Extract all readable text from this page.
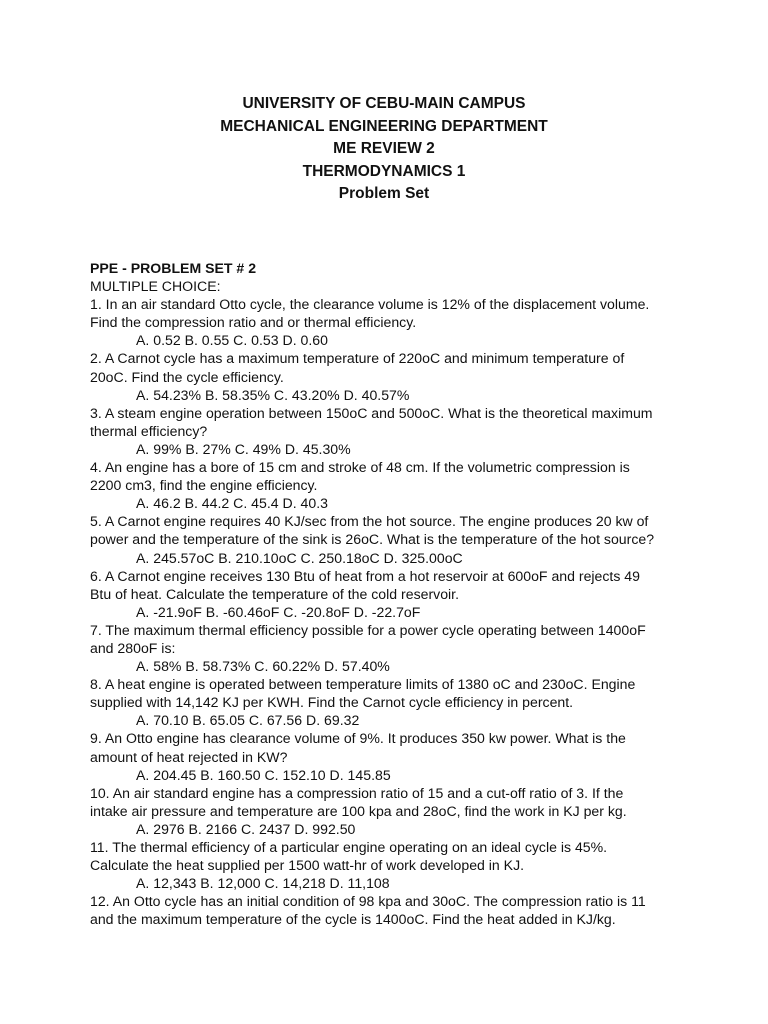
UNIVERSITY OF CEBU-MAIN CAMPUS
MECHANICAL ENGINEERING DEPARTMENT
ME REVIEW 2
THERMODYNAMICS 1
Problem Set
PPE - PROBLEM SET # 2
MULTIPLE CHOICE:
1. In an air standard Otto cycle, the clearance volume is 12% of the displacement volume.
Find the compression ratio and or thermal efficiency.
A. 0.52 B. 0.55 C. 0.53 D. 0.60
2. A Carnot cycle has a maximum temperature of 220oC and minimum temperature of
20oC. Find the cycle efficiency.
A. 54.23% B. 58.35% C. 43.20% D. 40.57%
3. A steam engine operation between 150oC and 500oC. What is the theoretical maximum
thermal efficiency?
A. 99% B. 27% C. 49% D. 45.30%
4. An engine has a bore of 15 cm and stroke of 48 cm. If the volumetric compression is
2200 cm3, find the engine efficiency.
A. 46.2 B. 44.2 C. 45.4 D. 40.3
5. A Carnot engine requires 40 KJ/sec from the hot source. The engine produces 20 kw of
power and the temperature of the sink is 26oC. What is the temperature of the hot source?
A. 245.57oC B. 210.10oC C. 250.18oC D. 325.00oC
6. A Carnot engine receives 130 Btu of heat from a hot reservoir at 600oF and rejects 49
Btu of heat. Calculate the temperature of the cold reservoir.
A. -21.9oF B. -60.46oF C. -20.8oF D. -22.7oF
7. The maximum thermal efficiency possible for a power cycle operating between 1400oF
and 280oF is:
A. 58% B. 58.73% C. 60.22% D. 57.40%
8. A heat engine is operated between temperature limits of 1380 oC and 230oC. Engine
supplied with 14,142 KJ per KWH. Find the Carnot cycle efficiency in percent.
A. 70.10 B. 65.05 C. 67.56 D. 69.32
9. An Otto engine has clearance volume of 9%. It produces 350 kw power. What is the
amount of heat rejected in KW?
A. 204.45 B. 160.50 C. 152.10 D. 145.85
10. An air standard engine has a compression ratio of 15 and a cut-off ratio of 3. If the
intake air pressure and temperature are 100 kpa and 28oC, find the work in KJ per kg.
A. 2976 B. 2166 C. 2437 D. 992.50
11. The thermal efficiency of a particular engine operating on an ideal cycle is 45%.
Calculate the heat supplied per 1500 watt-hr of work developed in KJ.
A. 12,343 B. 12,000 C. 14,218 D. 11,108
12. An Otto cycle has an initial condition of 98 kpa and 30oC. The compression ratio is 11
and the maximum temperature of the cycle is 1400oC. Find the heat added in KJ/kg.
